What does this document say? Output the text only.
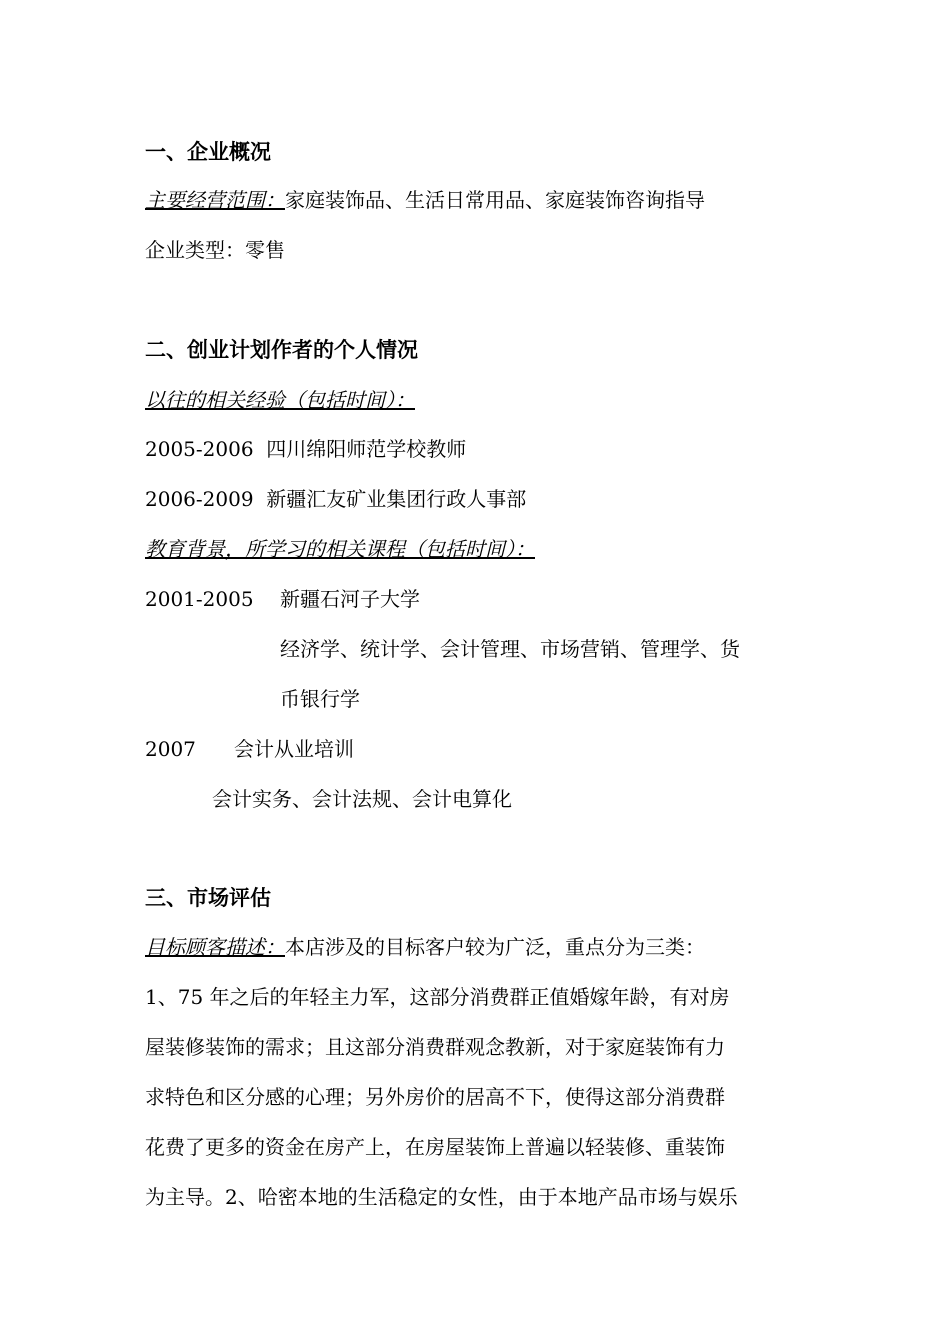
一、企业概况
主要经营范围：家庭装饰品、生活日常用品、家庭装饰咨询指导
企业类型：零售
二、创业计划作者的个人情况
以往的相关经验（包括时间）：
2005-2006 四川绵阳师范学校教师
2006-2009 新疆汇友矿业集团行政人事部
教育背景，所学习的相关课程（包括时间）：
2001-2005 新疆石河子大学
经济学、统计学、会计管理、市场营销、管理学、货
币银行学
2007 会计从业培训
会计实务、会计法规、会计电算化
三、市场评估
目标顾客描述：本店涉及的目标客户较为广泛，重点分为三类：
1、75 年之后的年轻主力军，这部分消费群正值婚嫁年龄，有对房
屋装修装饰的需求；且这部分消费群观念教新，对于家庭装饰有力
求特色和区分感的心理；另外房价的居高不下，使得这部分消费群
花费了更多的资金在房产上，在房屋装饰上普遍以轻装修、重装饰
为主导。2、哈密本地的生活稳定的女性，由于本地产品市场与娱乐
